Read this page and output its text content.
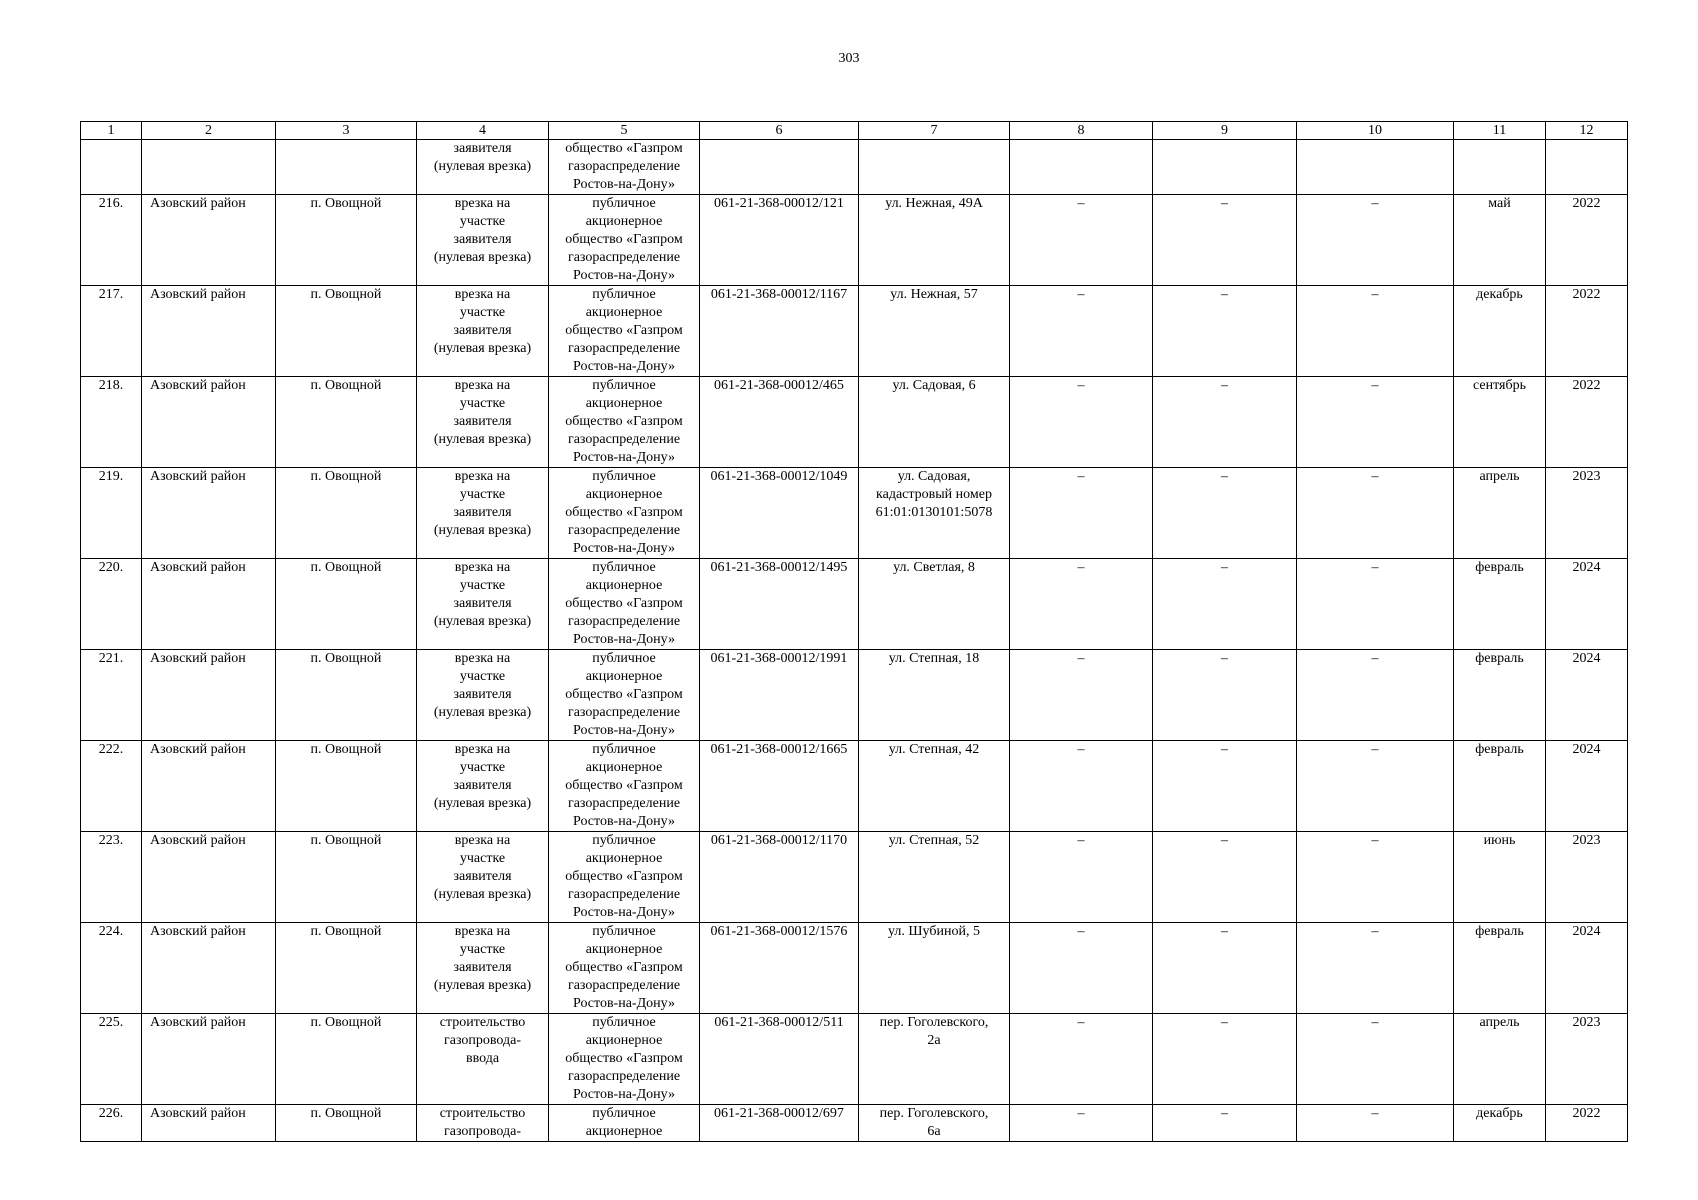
303
1	2	3	4	5	6	7	8	9	10	11	12
			заявителя
(нулевая врезка)	общество «Газпром
газораспределение
Ростов-на-Дону»							
216.	Азовский район	п. Овощной	врезка на
участке
заявителя
(нулевая врезка)	публичное
акционерное
общество «Газпром
газораспределение
Ростов-на-Дону»	061-21-368-00012/121	ул. Нежная, 49А	–	–	–	май	2022
217.	Азовский район	п. Овощной	врезка на
участке
заявителя
(нулевая врезка)	публичное
акционерное
общество «Газпром
газораспределение
Ростов-на-Дону»	061-21-368-00012/1167	ул. Нежная, 57	–	–	–	декабрь	2022
218.	Азовский район	п. Овощной	врезка на
участке
заявителя
(нулевая врезка)	публичное
акционерное
общество «Газпром
газораспределение
Ростов-на-Дону»	061-21-368-00012/465	ул. Садовая, 6	–	–	–	сентябрь	2022
219.	Азовский район	п. Овощной	врезка на
участке
заявителя
(нулевая врезка)	публичное
акционерное
общество «Газпром
газораспределение
Ростов-на-Дону»	061-21-368-00012/1049	ул. Садовая,
кадастровый номер
61:01:0130101:5078	–	–	–	апрель	2023
220.	Азовский район	п. Овощной	врезка на
участке
заявителя
(нулевая врезка)	публичное
акционерное
общество «Газпром
газораспределение
Ростов-на-Дону»	061-21-368-00012/1495	ул. Светлая, 8	–	–	–	февраль	2024
221.	Азовский район	п. Овощной	врезка на
участке
заявителя
(нулевая врезка)	публичное
акционерное
общество «Газпром
газораспределение
Ростов-на-Дону»	061-21-368-00012/1991	ул. Степная, 18	–	–	–	февраль	2024
222.	Азовский район	п. Овощной	врезка на
участке
заявителя
(нулевая врезка)	публичное
акционерное
общество «Газпром
газораспределение
Ростов-на-Дону»	061-21-368-00012/1665	ул. Степная, 42	–	–	–	февраль	2024
223.	Азовский район	п. Овощной	врезка на
участке
заявителя
(нулевая врезка)	публичное
акционерное
общество «Газпром
газораспределение
Ростов-на-Дону»	061-21-368-00012/1170	ул. Степная, 52	–	–	–	июнь	2023
224.	Азовский район	п. Овощной	врезка на
участке
заявителя
(нулевая врезка)	публичное
акционерное
общество «Газпром
газораспределение
Ростов-на-Дону»	061-21-368-00012/1576	ул. Шубиной, 5	–	–	–	февраль	2024
225.	Азовский район	п. Овощной	строительство
газопровода-
ввода	публичное
акционерное
общество «Газпром
газораспределение
Ростов-на-Дону»	061-21-368-00012/511	пер. Гоголевского,
2а	–	–	–	апрель	2023
226.	Азовский район	п. Овощной	строительство
газопровода-	публичное
акционерное	061-21-368-00012/697	пер. Гоголевского,
6а	–	–	–	декабрь	2022
